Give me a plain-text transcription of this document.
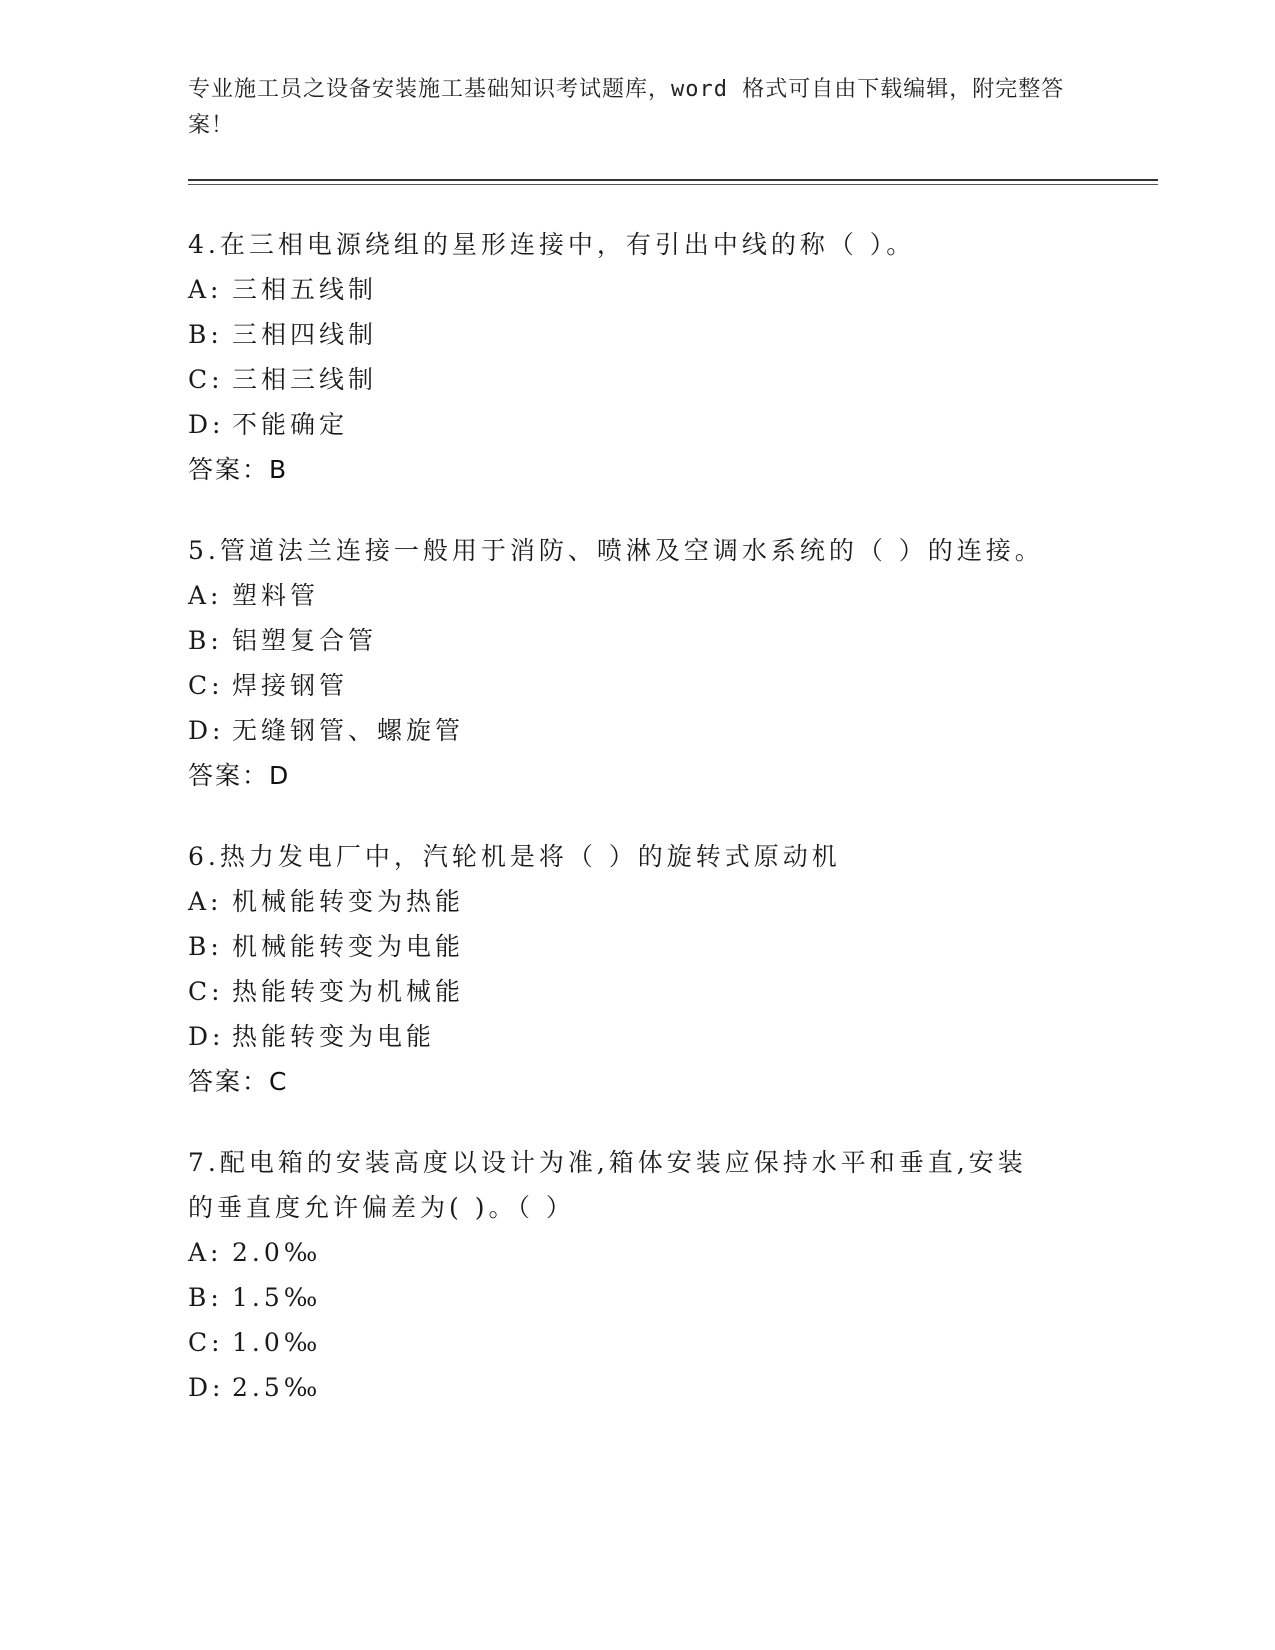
专业施工员之设备安装施工基础知识考试题库，word 格式可自由下载编辑，附完整答案！
4.在三相电源绕组的星形连接中，有引出中线的称（ ）。
A: 三相五线制
B: 三相四线制
C: 三相三线制
D: 不能确定
答案：B
5.管道法兰连接一般用于消防、喷淋及空调水系统的（ ）的连接。
A: 塑料管
B: 铝塑复合管
C: 焊接钢管
D: 无缝钢管、螺旋管
答案：D
6.热力发电厂中，汽轮机是将（ ）的旋转式原动机
A: 机械能转变为热能
B: 机械能转变为电能
C: 热能转变为机械能
D: 热能转变为电能
答案：C
7.配电箱的安装高度以设计为准,箱体安装应保持水平和垂直,安装的垂直度允许偏差为( )。（ ）
A: 2.0‰
B: 1.5‰
C: 1.0‰
D: 2.5‰
